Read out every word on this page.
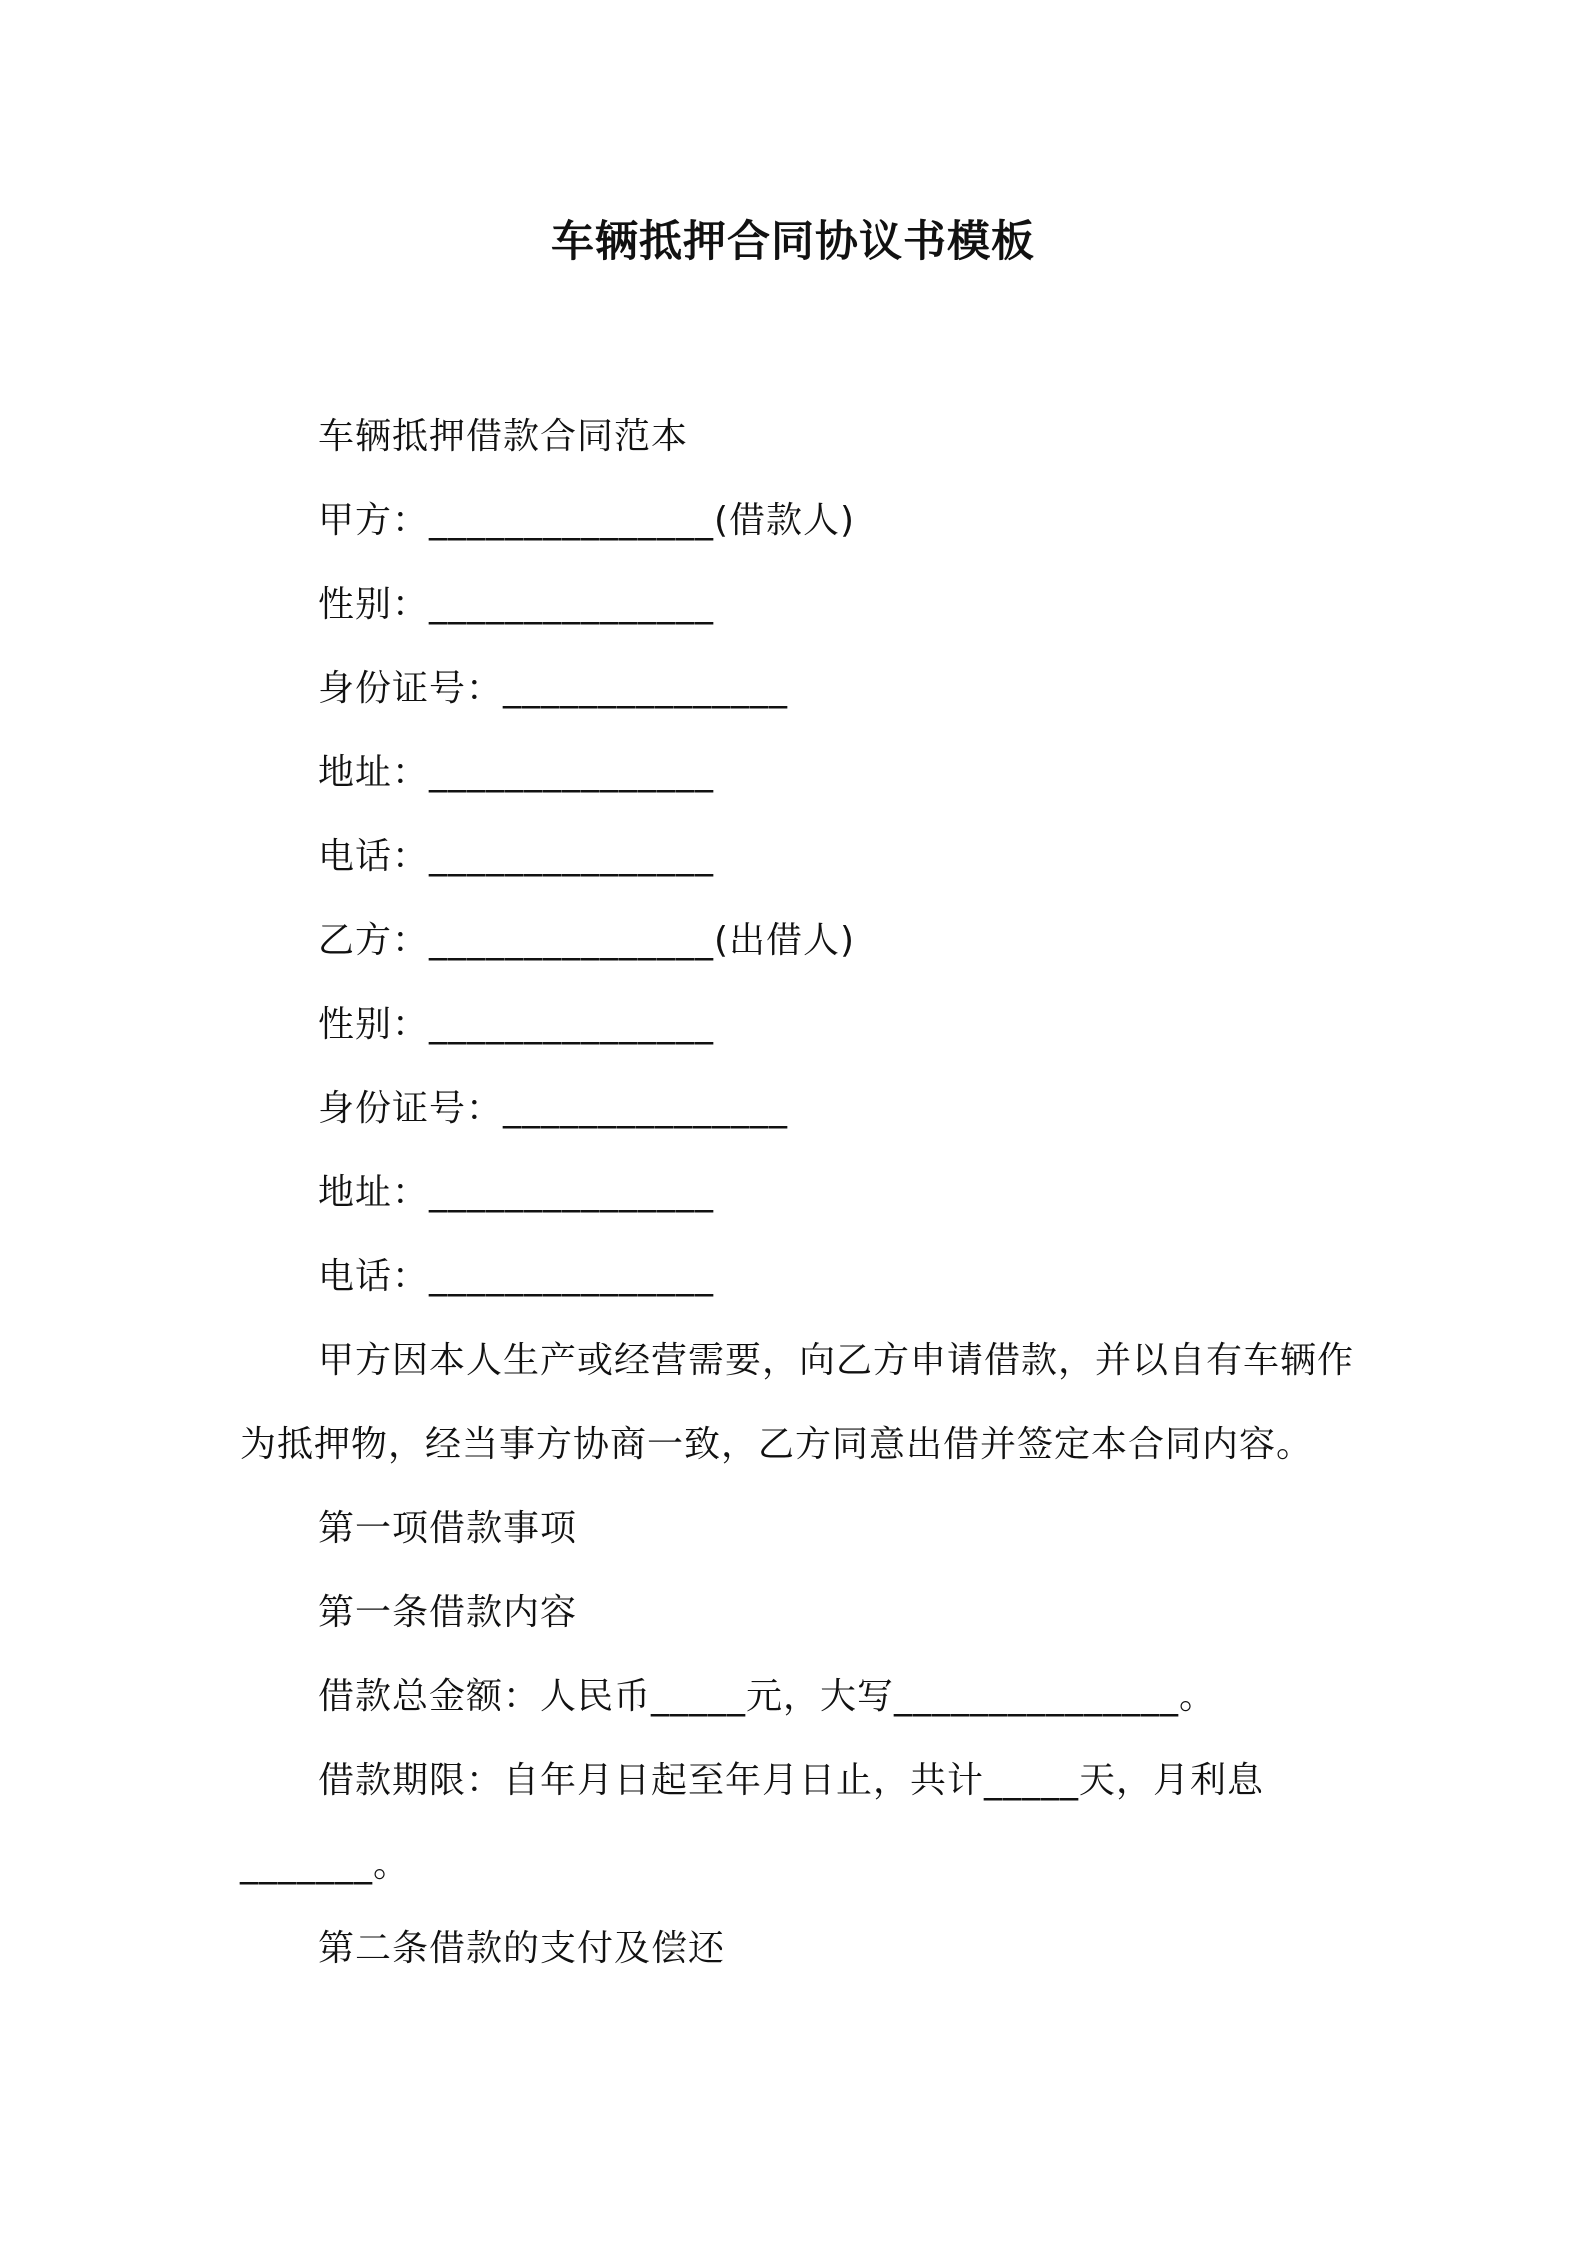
车辆抵押合同协议书模板
车辆抵押借款合同范本
甲方：_______________(借款人)
性别：_______________
身份证号：_______________
地址：_______________
电话：_______________
乙方：_______________(出借人)
性别：_______________
身份证号：_______________
地址：_______________
电话：_______________
甲方因本人生产或经营需要，向乙方申请借款，并以自有车辆作
为抵押物，经当事方协商一致，乙方同意出借并签定本合同内容。
第一项借款事项
第一条借款内容
借款总金额：人民币_____元，大写_______________。
借款期限：自年月日起至年月日止，共计_____天，月利息
_______。
第二条借款的支付及偿还
